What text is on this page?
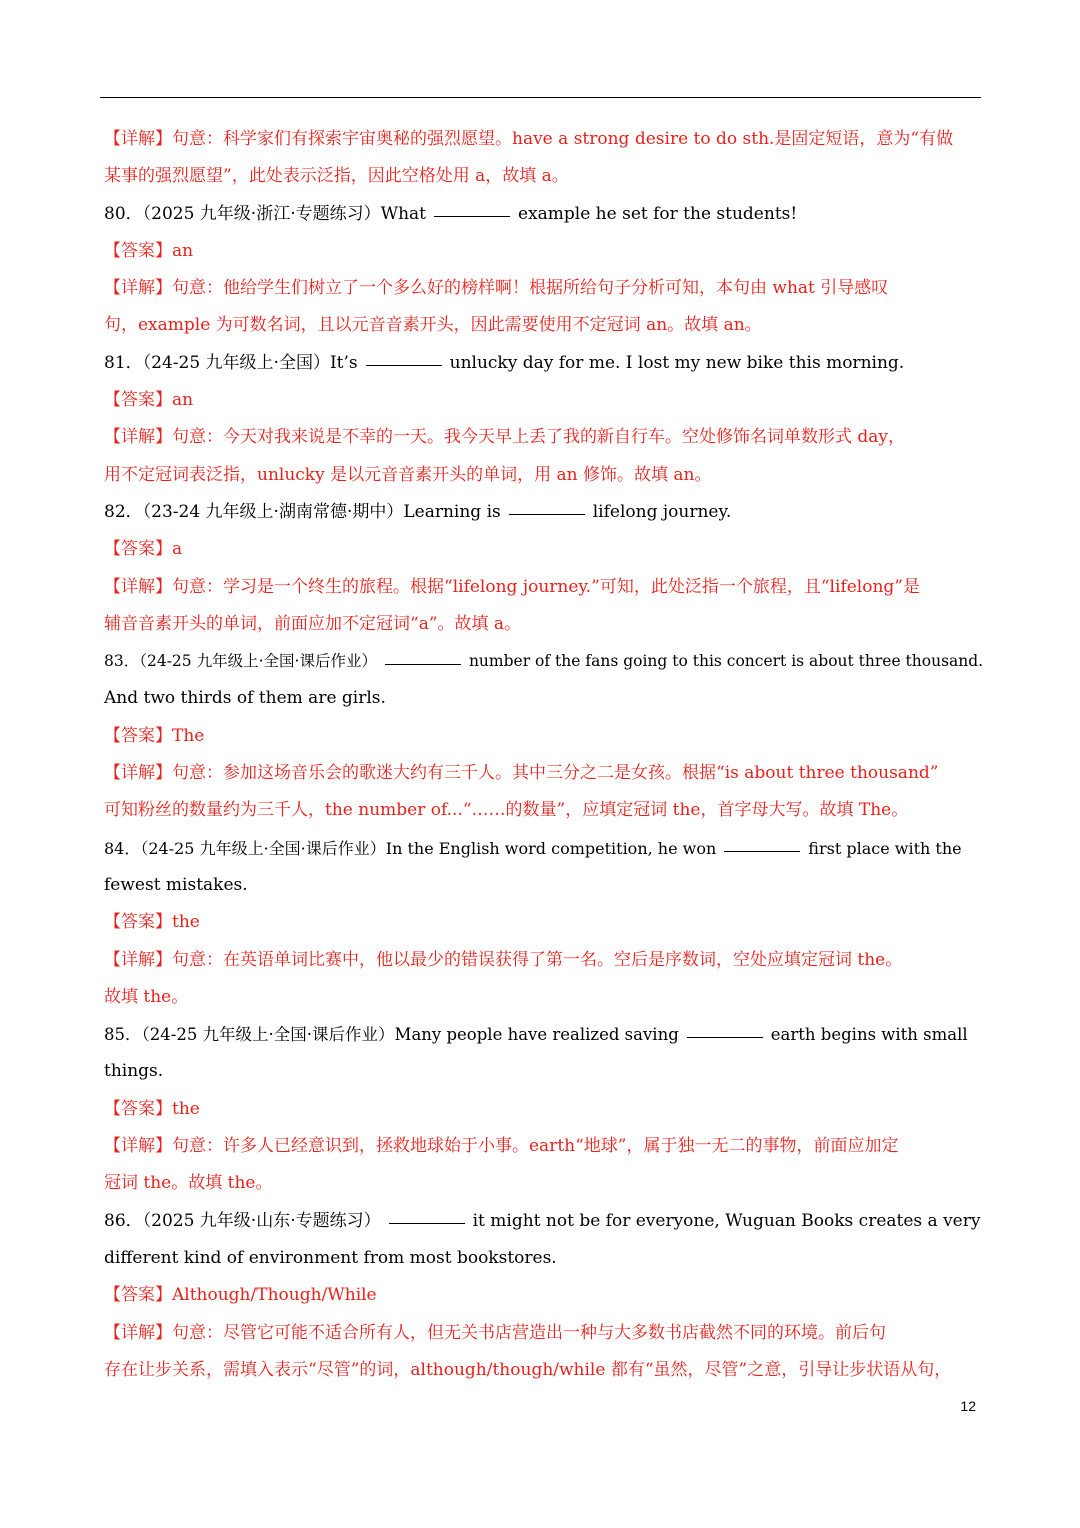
【详解】句意：科学家们有探索宇宙奥秘的强烈愿望。have a strong desire to do sth.是固定短语，意为“有做
某事的强烈愿望”，此处表示泛指，因此空格处用 a，故填 a。
80．（2025 九年级·浙江·专题练习）What	example he set for the students!
【答案】an
【详解】句意：他给学生们树立了一个多么好的榜样啊！根据所给句子分析可知，本句由 what 引导感叹
句，example 为可数名词，且以元音音素开头，因此需要使用不定冠词 an。故填 an。
81．（24-25 九年级上·全国）It’s	unlucky day for me. I lost my new bike this morning.
【答案】an
【详解】句意：今天对我来说是不幸的一天。我今天早上丢了我的新自行车。空处修饰名词单数形式 day，
用不定冠词表泛指，unlucky 是以元音音素开头的单词，用 an 修饰。故填 an。
82．（23-24 九年级上·湖南常德·期中）Learning is	lifelong journey.
【答案】a
【详解】句意：学习是一个终生的旅程。根据“lifelong journey.”可知，此处泛指一个旅程，且“lifelong”是
辅音音素开头的单词，前面应加不定冠词“a”。故填 a。
83．（24-25 九年级上·全国·课后作业）	number of the fans going to this concert is about three thousand.
And two thirds of them are girls.
【答案】The
【详解】句意：参加这场音乐会的歌迷大约有三千人。其中三分之二是女孩。根据“is about three thousand”
可知粉丝的数量约为三千人，the number of...“……的数量”，应填定冠词 the，首字母大写。故填 The。
84．（24-25 九年级上·全国·课后作业）In the English word competition, he won	first place with the
fewest mistakes.
【答案】the
【详解】句意：在英语单词比赛中，他以最少的错误获得了第一名。空后是序数词，空处应填定冠词 the。
故填 the。
85．（24-25 九年级上·全国·课后作业）Many people have realized saving	earth begins with small
things.
【答案】the
【详解】句意：许多人已经意识到，拯救地球始于小事。earth“地球”，属于独一无二的事物，前面应加定
冠词 the。故填 the。
86．（2025 九年级·山东·专题练习）	it might not be for everyone, Wuguan Books creates a very
different kind of environment from most bookstores.
【答案】Although/Though/While
【详解】句意：尽管它可能不适合所有人，但无关书店营造出一种与大多数书店截然不同的环境。前后句
存在让步关系，需填入表示“尽管”的词，although/though/while 都有“虽然，尽管”之意，引导让步状语从句，
12
